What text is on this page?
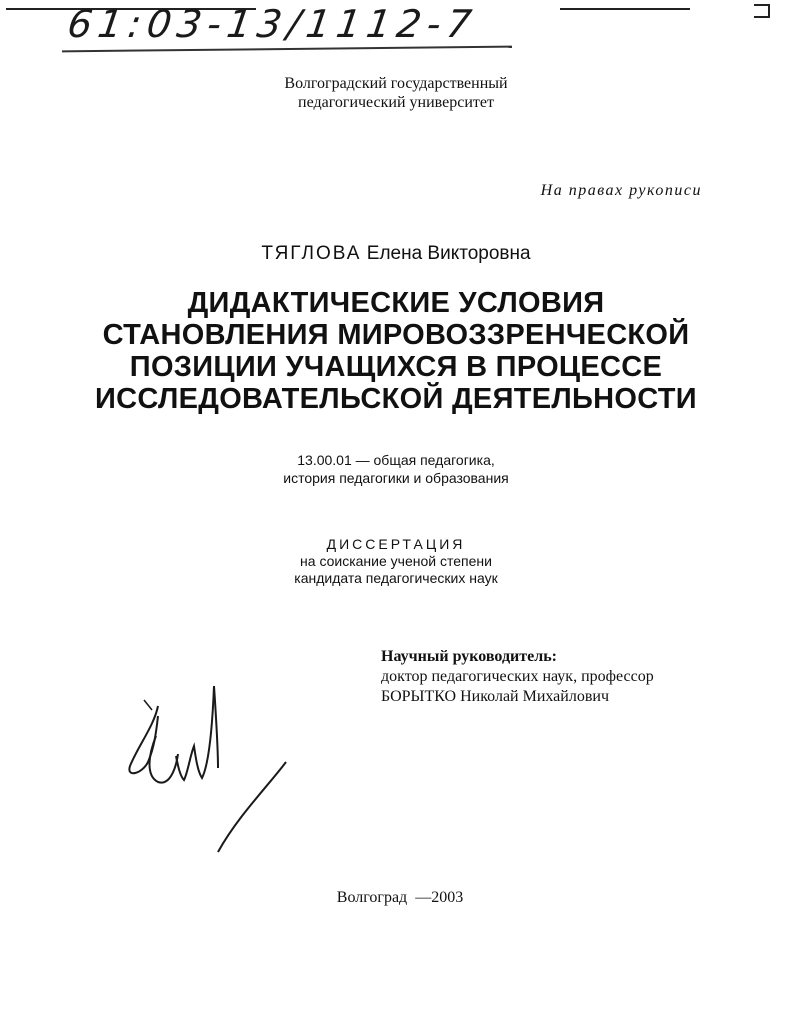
61:03-13/1112-7
Волгоградский государственный
педагогический университет
На правах рукописи
ТЯГЛОВА Елена Викторовна
ДИДАКТИЧЕСКИЕ УСЛОВИЯ
СТАНОВЛЕНИЯ МИРОВОЗЗРЕНЧЕСКОЙ
ПОЗИЦИИ УЧАЩИХСЯ В ПРОЦЕССЕ
ИССЛЕДОВАТЕЛЬСКОЙ ДЕЯТЕЛЬНОСТИ
13.00.01 — общая педагогика,
история педагогики и образования
ДИССЕРТАЦИЯ
на соискание ученой степени
кандидата педагогических наук
Научный руководитель:
доктор педагогических наук, профессор
БОРЫТКО Николай Михайлович
Волгоград —2003
